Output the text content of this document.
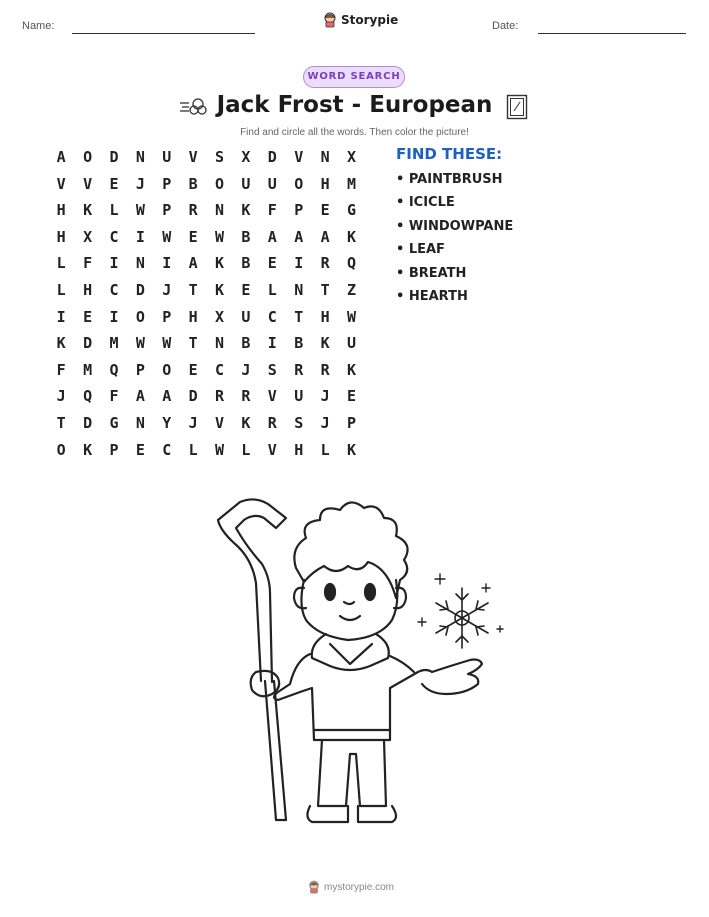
Name:	Storypie	Date:
WORD SEARCH
Jack Frost - European
Find and circle all the words. Then color the picture!
A	O	D	N	U	V	S	X	D	V	N	X
V	V	E	J	P	B	O	U	U	O	H	M
H	K	L	W	P	R	N	K	F	P	E	G
H	X	C	I	W	E	W	B	A	A	A	K
L	F	I	N	I	A	K	B	E	I	R	Q
L	H	C	D	J	T	K	E	L	N	T	Z
I	E	I	O	P	H	X	U	C	T	H	W
K	D	M	W	W	T	N	B	I	B	K	U
F	M	Q	P	O	E	C	J	S	R	R	K
J	Q	F	A	A	D	R	R	V	U	J	E
T	D	G	N	Y	J	V	K	R	S	J	P
O	K	P	E	C	L	W	L	V	H	L	K
FIND THESE:
• PAINTBRUSH
• ICICLE
• WINDOWPANE
• LEAF
• BREATH
• HEARTH
mystorypie.com
